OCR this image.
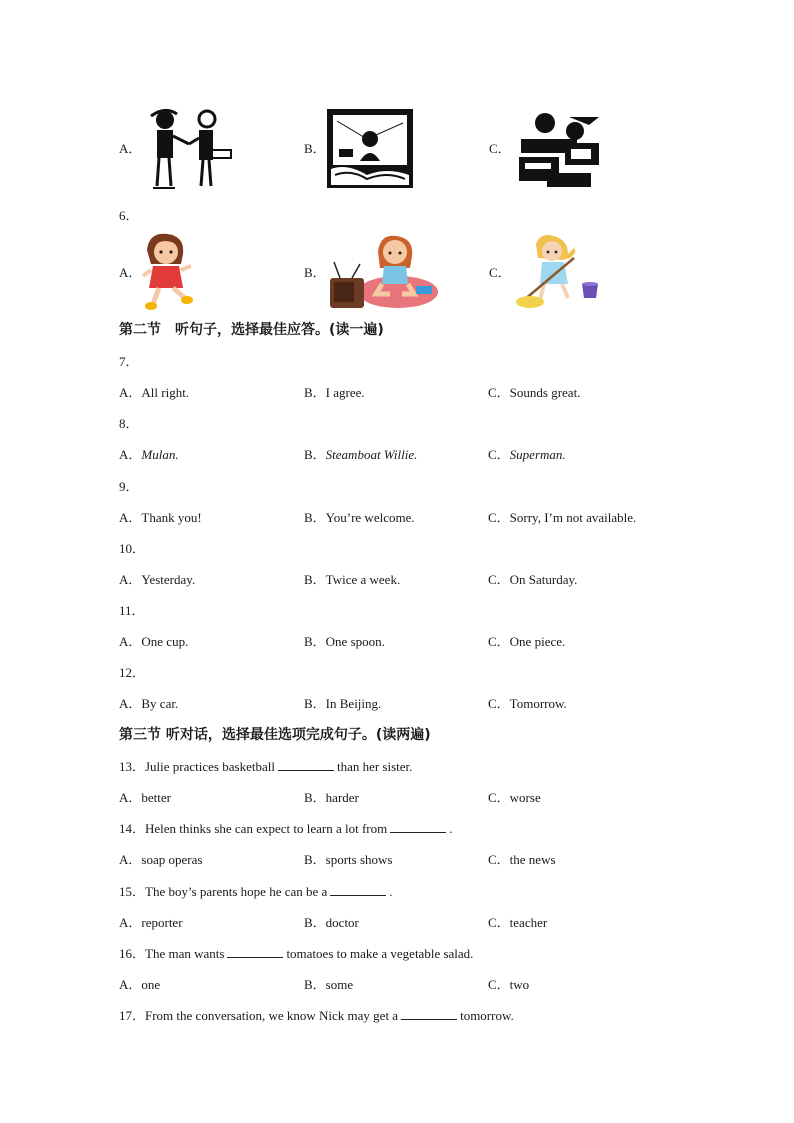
A．	B．	C．
6．
A．	B．	C．
第二节　听句子，选择最佳应答。(读一遍)
7．
A．All right.	B．I agree.	C．Sounds great.
8．
A．Mulan.	B．Steamboat Willie.	C．Superman.
9．
A．Thank you!	B．You’re welcome.	C．Sorry, I’m not available.
10．
A．Yesterday.	B．Twice a week.	C．On Saturday.
11．
A．One cup.	B．One spoon.	C．One piece.
12．
A．By car.	B．In Beijing.	C．Tomorrow.
第三节 听对话，选择最佳选项完成句子。(读两遍)
13．Julie practices basketball	than her sister.
A．better	B．harder	C．worse
14．Helen thinks she can expect to learn a lot from	.
A．soap operas	B．sports shows	C．the news
15．The boy’s parents hope he can be a	.
A．reporter	B．doctor	C．teacher
16．The man wants	tomatoes to make a vegetable salad.
A．one	B．some	C．two
17．From the conversation, we know Nick may get a	tomorrow.
